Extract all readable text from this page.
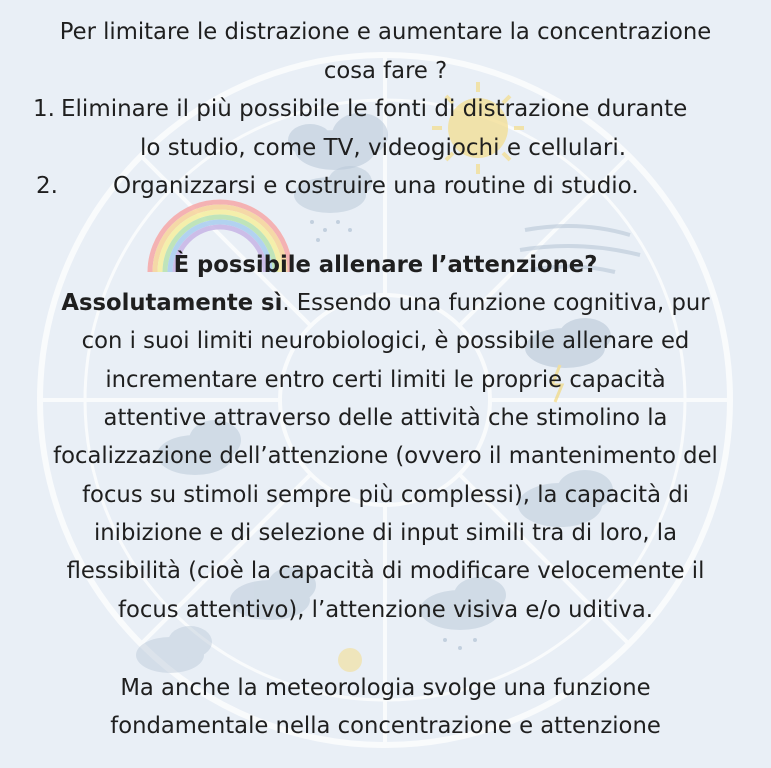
Per limitare le distrazione e aumentare la concentrazione
cosa fare ?
1. Eliminare il più possibile le fonti di distrazione durante
lo studio, come TV, videogiochi e cellulari.
2. Organizzarsi e costruire una routine di studio.
È possibile allenare l’attenzione?
Assolutamente sì. Essendo una funzione cognitiva, pur
con i suoi limiti neurobiologici, è possibile allenare ed
incrementare entro certi limiti le proprie capacità
attentive attraverso delle attività che stimolino la
focalizzazione dell’attenzione (ovvero il mantenimento del
focus su stimoli sempre più complessi), la capacità di
inibizione e di selezione di input simili tra di loro, la
flessibilità (cioè la capacità di modificare velocemente il
focus attentivo), l’attenzione visiva e/o uditiva.
Ma anche la meteorologia svolge una funzione
fondamentale nella concentrazione e attenzione
